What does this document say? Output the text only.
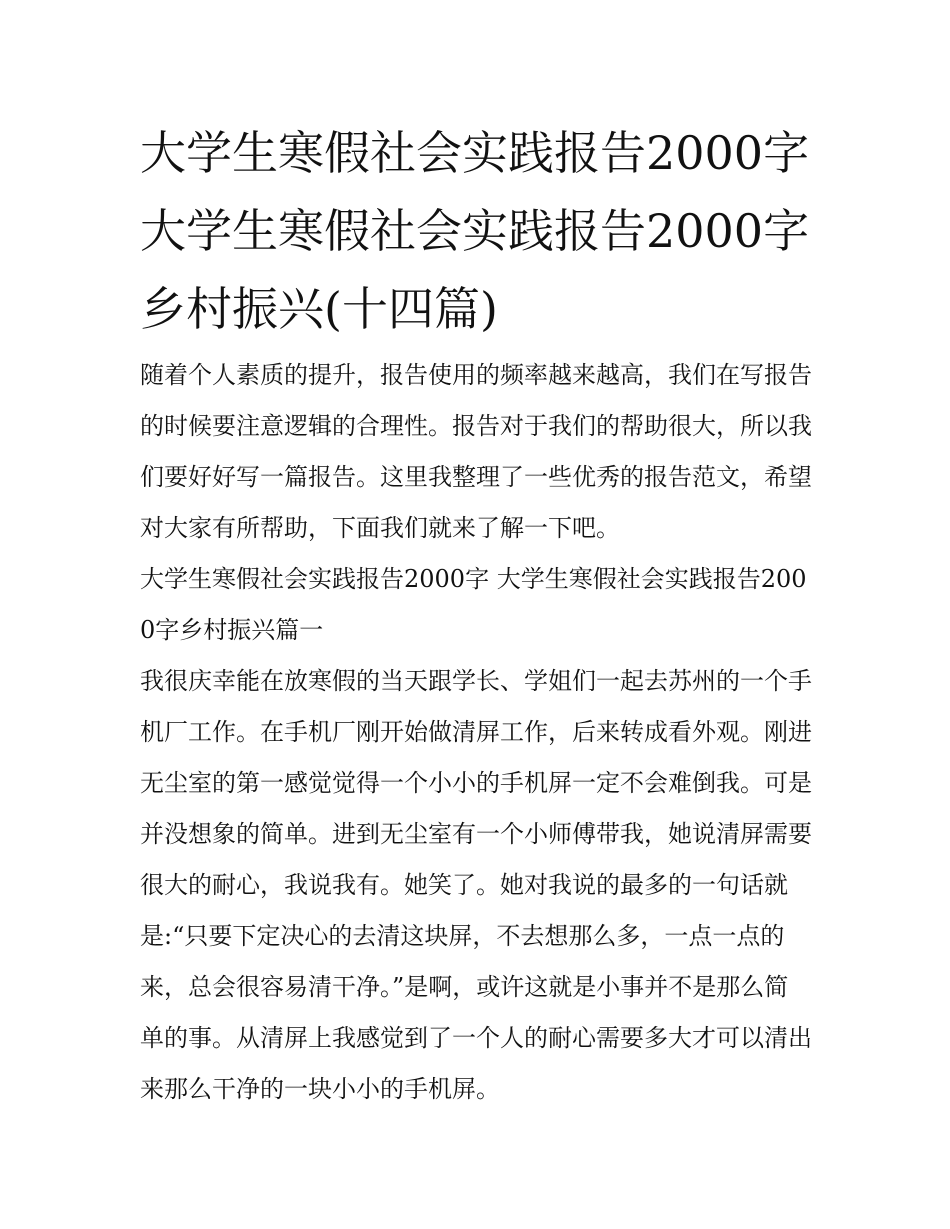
大学生寒假社会实践报告2000字 大学生寒假社会实践报告2000字乡村振兴(十四篇)

随着个人素质的提升，报告使用的频率越来越高，我们在写报告的时候要注意逻辑的合理性。报告对于我们的帮助很大，所以我们要好好写一篇报告。这里我整理了一些优秀的报告范文，希望对大家有所帮助，下面我们就来了解一下吧。

大学生寒假社会实践报告2000字 大学生寒假社会实践报告2000字乡村振兴篇一

我很庆幸能在放寒假的当天跟学长、学姐们一起去苏州的一个手机厂工作。在手机厂刚开始做清屏工作，后来转成看外观。刚进无尘室的第一感觉觉得一个小小的手机屏一定不会难倒我。可是并没想象的简单。进到无尘室有一个小师傅带我，她说清屏需要很大的耐心，我说我有。她笑了。她对我说的最多的一句话就是:“只要下定决心的去清这块屏，不去想那么多，一点一点的来，总会很容易清干净。”是啊，或许这就是小事并不是那么简单的事。从清屏上我感觉到了一个人的耐心需要多大才可以清出来那么干净的一块小小的手机屏。
